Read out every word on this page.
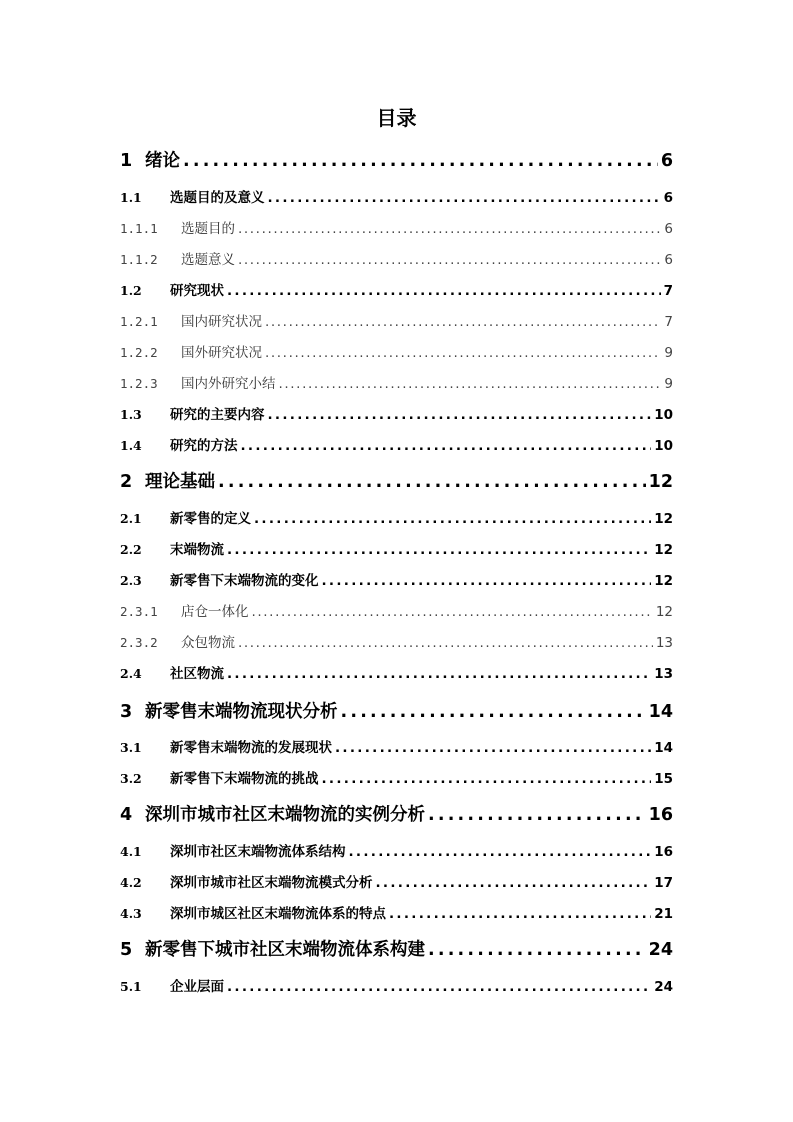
目录
1 绪论 .....	6
1.1	选题目的及意义 .....	6
1.1.1	选题目的 .....	6
1.1.2	选题意义 .....	6
1.2	研究现状 .....	7
1.2.1	国内研究状况 .....	7
1.2.2	国外研究状况 .....	9
1.2.3	国内外研究小结 .....	9
1.3	研究的主要内容 .....	10
1.4	研究的方法 .....	10
2 理论基础 .....	12
2.1	新零售的定义 .....	12
2.2	末端物流 .....	12
2.3	新零售下末端物流的变化 .....	12
2.3.1	店仓一体化 .....	12
2.3.2	众包物流 .....	13
2.4	社区物流 .....	13
3 新零售末端物流现状分析 .....	14
3.1	新零售末端物流的发展现状 .....	14
3.2	新零售下末端物流的挑战 .....	15
4 深圳市城市社区末端物流的实例分析 .....	16
4.1	深圳市社区末端物流体系结构 .....	16
4.2	深圳市城市社区末端物流模式分析 .....	17
4.3	深圳市城区社区末端物流体系的特点 .....	21
5 新零售下城市社区末端物流体系构建 .....	24
5.1	企业层面 .....	24
